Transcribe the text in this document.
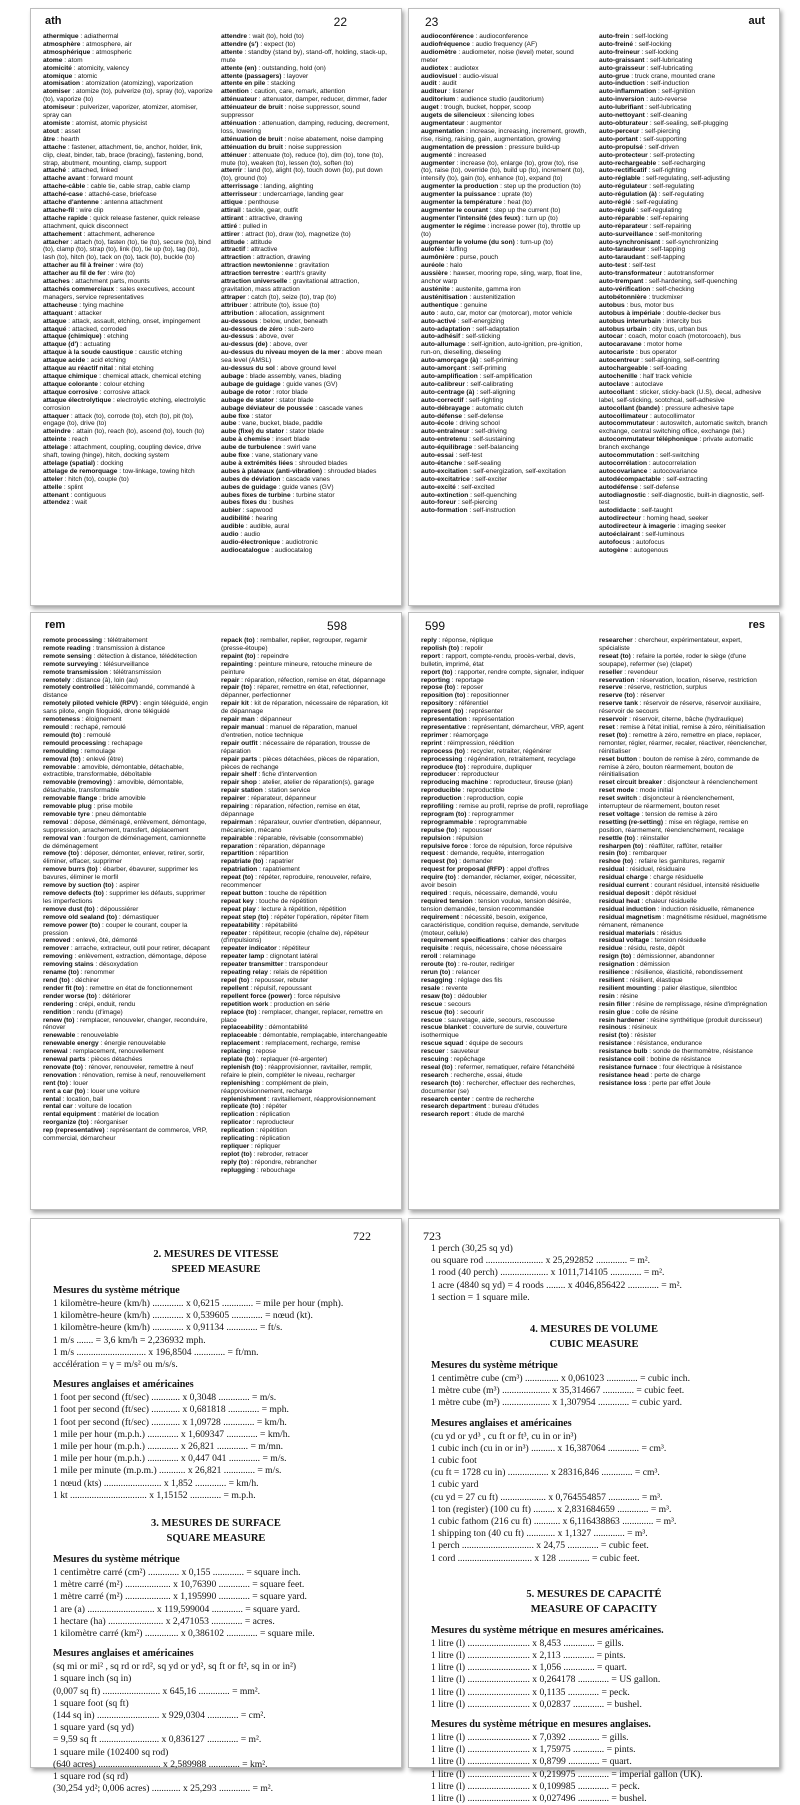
ath	22
athermique : adiathermal
atmosphère : atmosphere, air
atmosphérique : atmospheric
atome : atom
atomicité : atomicity, valency
atomique : atomic
atomisation : atomization (atomizing), vaporization
atomiser : atomize (to), pulverize (to), spray (to), vaporize (to), vaporize (to)
atomiseur : pulverizer, vaporizer, atomizer, atomiser, spray can
atomiste : atomist, atomic physicist
atout : asset
âtre : hearth
attache : fastener, attachment, tie, anchor, holder, link, clip, cleat, binder, tab, brace (bracing), fastening, bond, strap, abutment, mounting, clamp, support
attaché : attached, linked
attache avant : forward mount
attache-câble : cable tie, cable strap, cable clamp
attaché-case : attaché-case, briefcase
attache d'antenne : antenna attachment
attache-fil : wire clip
attache rapide : quick release fastener, quick release attachment, quick disconnect
attachement : attachment, adherence
attacher : attach (to), fasten (to), tie (to), secure (to), bind (to), clamp (to), strap (to), link (to), tie up (to), tag (to), lash (to), hitch (to), tack on (to), tack (to), buckle (to)
attacher au fil à freiner : wire (to)
attacher au fil de fer : wire (to)
attaches : attachment parts, mounts
attachés commerciaux : sales executives, account managers, service representatives
attacheuse : tying machine
attaquant : attacker
attaque : attack, assault, etching, onset, impingement
attaqué : attacked, corroded
attaque (chimique) : etching
attaque (d') : actuating
attaque à la soude caustique : caustic etching
attaque acide : acid etching
attaque au réactif nital : nital etching
attaque chimique : chemical attack, chemical etching
attaque colorante : colour etching
attaque corrosive : corrosive attack
attaque électrolytique : electrolytic etching, electrolytic corrosion
attaquer : attack (to), corrode (to), etch (to), pit (to), engage (to), drive (to)
atteindre : attain (to), reach (to), ascend (to), touch (to)
atteinte : reach
attelage : attachment, coupling, coupling device, drive shaft, towing (hinge), hitch, docking system
attelage (spatial) : docking
attelage de remorquage : tow-linkage, towing hitch
atteler : hitch (to), couple (to)
attelle : splint
attenant : contiguous
attendez : wait
attendre : wait (to), hold (to)
attendre (s') : expect (to)
attente : standby (stand by), stand-off, holding, stack-up, mute
attente (en) : outstanding, hold (on)
attente (passagers) : layover
attente en pile : stacking
attention : caution, care, remark, attention
atténuateur : attenuator, damper, reducer, dimmer, fader
atténuateur de bruit : noise suppressor, sound suppressor
atténuation : attenuation, damping, reducing, decrement, loss, lowering
atténuation de bruit : noise abatement, noise damping
atténuation du bruit : noise suppression
atténuer : attenuate (to), reduce (to), dim (to), tone (to), mute (to), weaken (to), lessen (to), soften (to)
atterrir : land (to), alight (to), touch down (to), put down (to), ground (to)
atterrissage : landing, alighting
atterrisseur : undercarriage, landing gear
attique : penthouse
attirail : tackle, gear, outfit
attirant : attractive, drawing
attiré : pulled in
attirer : attract (to), draw (to), magnetize (to)
attitude : attitude
attractif : attractive
attraction : attraction, drawing
attraction newtonienne : gravitation
attraction terrestre : earth's gravity
attraction universelle : gravitational attraction, gravitation, mass attraction
attraper : catch (to), seize (to), trap (to)
attribuer : attribute (to), issue (to)
attribution : allocation, assignment
au-dessous : below, under, beneath
au-dessous de zéro : sub-zero
au-dessus : above, over
au-dessus (de) : above, over
au-dessus du niveau moyen de la mer : above mean sea level (AMSL)
au-dessus du sol : above ground level
aubage : blade assembly, vanes, blading
aubage de guidage : guide vanes (GV)
aubage de rotor : rotor blade
aubage de stator : stator blade
aubage déviateur de poussée : cascade vanes
aube fixe : stator
aube : vane, bucket, blade, paddle
aube (fixe) du stator : stator blade
aube à chemise : insert blade
aube de turbulence : swirl vane
aube fixe : vane, stationary vane
aube à extrémités liées : shrouded blades
aubes à plateaux (anti-vibration) : shrouded blades
aubes de déviation : cascade vanes
aubes de guidage : guide vanes (GV)
aubes fixes de turbine : turbine stator
aubes fixes du : bushes
aubier : sapwood
audibilité : hearing
audible : audible, aural
audio : audio
audio-électronique : audiotronic
audiocatalogue : audiocatalog
23	aut
audioconférence : audioconference
audiofréquence : audio frequency (AF)
audiomètre : audiometer, noise (level) meter, sound meter
audiotex : audiotex
audiovisuel : audio-visual
audit : audit
auditeur : listener
auditorium : audience studio (auditorium)
auget : trough, bucket, hopper, scoop
augets de silencieux : silencing lobes
augmentateur : augmentor
augmentation : increase, increasing, increment, growth, rise, rising, raising, gain, augmentation, growing
augmentation de pression : pressure build-up
augmenté : increased
augmenter : increase (to), enlarge (to), grow (to), rise (to), raise (to), override (to), build up (to), increment (to), intensify (to), gain (to), enhance (to), expand (to)
augmenter la production : step up the production (to)
augmenter la puissance : uprate (to)
augmenter la température : heat (to)
augmenter le courant : step up the current (to)
augmenter l'intensité (des feux) : turn up (to)
augmenter le régime : increase power (to), throttle up (to)
augmenter le volume (du son) : turn-up (to)
aulofée : luffing
aumônière : purse, pouch
auréole : halo
aussière : hawser, mooring rope, sling, warp, float line, anchor warp
austénite : austenite, gamma iron
austénitisation : austenitization
authentique : genuine
auto : auto, car, motor car (motorcar), motor vehicle
auto-activé : self-energizing
auto-adaptation : self-adaptation
auto-adhésif : self-sticking
auto-allumage : self-ignition, auto-ignition, pre-ignition, run-on, dieselling, dieseling
auto-amorçage (à) : self-priming
auto-amorçant : self-priming
auto-amplification : self-amplification
auto-calibreur : self-calibrating
auto-centrage (à) : self-aligning
auto-correctif : self-righting
auto-débrayage : automatic clutch
auto-défense : self-defense
auto-école : driving school
auto-entraîneur : self-driving
auto-entretenu : self-sustaining
auto-équilibrage : self-balancing
auto-essai : self-test
auto-étanche : self-sealing
auto-excitation : self-energization, self-excitation
auto-excitatrice : self-exciter
auto-excité : self-excited
auto-extinction : self-quenching
auto-foreur : self-piercing
auto-formation : self-instruction
auto-frein : self-locking
auto-freiné : self-locking
auto-freineur : self-locking
auto-graissant : self-lubricating
auto-graisseur : self-lubricating
auto-grue : truck crane, mounted crane
auto-induction : self-induction
auto-inflammation : self-ignition
auto-inversion : auto-reverse
auto-lubrifiant : self-lubricating
auto-nettoyant : self-cleaning
auto-obturateur : self-sealing, self-plugging
auto-perceur : self-piercing
auto-portant : self-supporting
auto-propulsé : self-driven
auto-protecteur : self-protecting
auto-rechargeable : self-recharging
auto-rectificatif : self-righting
auto-réglable : self-regulating, self-adjusting
auto-régulateur : self-regulating
auto-régulation (à) : self-regulating
auto-réglé : self-regulating
auto-régulé : self-regulating
auto-réparable : self-repairing
auto-réparateur : self-repairing
auto-surveillance : self-monitoring
auto-synchronisant : self-synchronizing
auto-taraudeur : self-tapping
auto-taraudant : self-tapping
auto-test : self-test
auto-transformateur : autotransformer
auto-trempant : self-hardening, self-quenching
auto-vérification : self-checking
autobétonnière : truckmixer
autobus : bus, motor bus
autobus à impériale : double-decker bus
autobus interurbain : intercity bus
autobus urbain : city bus, urban bus
autocar : coach, motor coach (motorcoach), bus
autocaravane : motor home
autocariste : bus operator
autocentreur : self-aligning, self-centring
autochargeable : self-loading
autochenille : half track vehicle
autoclave : autoclave
autocollant : sticker, sticky-back (U.S), decal, adhesive label, self-sticking, scotchcal, self-adhesive
autocollant (bande) : pressure adhesive tape
autocollimateur : autocollimator
autocommutateur : autoswitch, automatic switch, branch exchange, central switching office, exchange (tel.)
autocommutateur téléphonique : private automatic branch exchange
autocommutation : self-switching
autocorrélation : autocorrelation
autocovariance : autocovariance
autodécompactable : self-extracting
autodéfense : self-defense
autodiagnostic : self-diagnostic, built-in diagnostic, self-test
autodidacte : self-taught
autodirecteur : homing head, seeker
autodirecteur à imagerie : imaging seeker
autoéclairant : self-luminous
autofocus : autofocus
autogène : autogenous
rem	598
remote processing : télétraitement
remote reading : transmission à distance
remote sensing : détection à distance, télédétection
remote surveying : télésurveillance
remote transmission : télétransmission
remotely : distance (à), loin (au)
remotely controlled : télécommandé, commandé à distance
remotely piloted vehicle (RPV) : engin téléguidé, engin sans pilote, engin filoguidé, drone téléguidé
remoteness : éloignement
remould : rechapé, remoulé
remould (to) : remoulé
remould processing : rechapage
remoulding : remoulage
removal (to) : enlevé (être)
removable : amovible, démontable, détachable, extractible, transformable, déboîtable
removable (removing) : amovible, démontable, détachable, transformable
removable flange : bride amovible
removable plug : prise mobile
removable tyre : pneu démontable
removal : dépose, déménagé, enlèvement, démontage, suppression, arrachement, transfert, déplacement
removal van : fourgon de déménagement, camionnette de déménagement
remove (to) : déposer, démonter, enlever, retirer, sortir, éliminer, effacer, supprimer
remove burrs (to) : ébarber, ébavurer, supprimer les bavures, éliminer le morfil
remove by suction (to) : aspirer
remove defects (to) : supprimer les défauts, supprimer les imperfections
remove dust (to) : dépoussiérer
remove old sealand (to) : démastiquer
remove power (to) : couper le courant, couper la pression
removed : enlevé, ôté, démonté
remover : arrache, extracteur, outil pour retirer, décapant
removing : enlèvement, extraction, démontage, dépose
removing stains : désoxydation
rename (to) : renommer
rend (to) : déchirer
render fit (to) : remettre en état de fonctionnement
render worse (to) : détériorer
rendering : crépi, enduit, rendu
rendition : rendu (d'image)
renew (to) : remplacer, renouveler, changer, reconduire, rénover
renewable : renouvelable
renewable energy : énergie renouvelable
renewal : remplacement, renouvellement
renewal parts : pièces détachées
renovate (to) : rénover, renouveler, remettre à neuf
renovation : rénovation, remise à neuf, renouvellement
rent (to) : louer
rent a car (to) : louer une voiture
rental : location, bail
rental car : voiture de location
rental equipment : matériel de location
reorganize (to) : réorganiser
rep (representative) : représentant de commerce, VRP, commercial, démarcheur
repack (to) : remballer, replier, regrouper, regarnir (presse-étoupe)
repaint (to) : repeindre
repainting : peinture mineure, retouche mineure de peinture
repair : réparation, réfection, remise en état, dépannage
repair (to) : réparer, remettre en état, refectionner, dépanner, perfectionner
repair kit : kit de réparation, nécessaire de réparation, kit de dépannage
repair man : dépanneur
repair manual : manuel de réparation, manuel d'entretien, notice technique
repair outfit : nécessaire de réparation, trousse de réparation
repair parts : pièces détachées, pièces de réparation, pièces de rechange
repair shelf : fiche d'intervention
repair shop : atelier, atelier de réparation(s), garage
repair station : station service
repairer : réparateur, dépanneur
repairing : réparation, réfection, remise en état, dépannage
repairman : réparateur, ouvrier d'entretien, dépanneur, mécanicien, mécano
repairable : réparable, révisable (consommable)
reparation : réparation, dépannage
repartition : répartition
repatriate (to) : rapatrier
repatriation : rapatriement
repeat (to) : répéter, reproduire, renouveler, refaire, recommencer
repeat button : touche de répétition
repeat key : touche de répétition
repeat play : lecture à répétition, répétition
repeat step (to) : répéter l'opération, répéter l'item
repeatability : répétabilité
repeater : répétiteur, recopie (chaîne de), répéteur (d'impulsions)
repeater indicator : répétiteur
repeater lamp : clignotant latéral
repeater transmitter : transpondeur
repeating relay : relais de répétition
repel (to) : repousser, rebuter
repellent : répulsif, repoussant
repellent force (power) : force répulsive
repetition work : production en série
replace (to) : remplacer, changer, replacer, remettre en place
replaceability : démontabilité
replaceable : démontable, remplaçable, interchangeable
replacement : remplacement, recharge, remise
replacing : repose
replate (to) : replaquer (ré-argenter)
replenish (to) : réapprovisionner, ravitailler, remplir, refaire le plein, compléter le niveau, recharger
replenishing : complément de plein, réapprovisionnement, recharge
replenishment : ravitaillement, réapprovisionnement
replicate (to) : répéter
replication : réplication
replicator : reproducteur
replication : répétition
replicating : réplication
repliquer : répliquer
replot (to) : rebroder, retracer
reply (to) : répondre, rebrancher
replugging : rebouchage
599	res
reply : réponse, réplique
repolish (to) : repolir
report : rapport, compte-rendu, procès-verbal, devis, bulletin, imprimé, état
report (to) : rapporter, rendre compte, signaler, indiquer
reporting : reportage
repose (to) : reposer
reposition (to) : repositionner
repository : référentiel
represent (to) : représenter
representation : représentation
representative : représentant, démarcheur, VRP, agent
reprimer : réamorçage
reprint : réimpression, réédition
reprocess (to) : recycler, retraiter, régénérer
reprocessing : régénération, retraitement, recyclage
reproduce (to) : reproduire, dupliquer
reproducer : reproducteur
reproducing machine : reproducteur, tireuse (plan)
reproducible : reproductible
reproduction : reproduction, copie
reprofiling : remise au profil, reprise de profil, reprofilage
reprogram (to) : reprogrammer
reprogrammable : reprogrammable
repulse (to) : repousser
repulsion : répulsion
repulsive force : force de répulsion, force répulsive
request : demande, requête, interrogation
request (to) : demander
request for proposal (RFP) : appel d'offres
require (to) : demander, réclamer, exiger, nécessiter, avoir besoin
required : requis, nécessaire, demandé, voulu
required tension : tension voulue, tension désirée, tension demandée, tension recommandée
requirement : nécessité, besoin, exigence, caractéristique, condition requise, demande, servitude (moteur, cellule)
requirement specifications : cahier des charges
requisite : requis, nécessaire, chose nécessaire
reroll : relaminage
reroute (to) : re-router, rediriger
rerun (to) : relancer
resagging : réglage des fils
resale : revente
resaw (to) : dédoubler
rescue : secours
rescue (to) : secourir
rescue : sauvetage, aide, secours, rescousse
rescue blanket : couverture de survie, couverture isothermique
rescue squad : équipe de secours
rescuer : sauveteur
rescuing : repêchage
reseal (to) : refermer, rematiquer, refaire l'étanchéité
research : recherche, essai, étude
research (to) : rechercher, effectuer des recherches, documenter (se)
research center : centre de recherche
research department : bureau d'études
research report : étude de marché
researcher : chercheur, expérimentateur, expert, spécialiste
reseat (to) : refaire la portée, roder le siège (d'une soupape), refermer (se) (clapet)
reseller : revendeur
reservation : réservation, location, réserve, restriction
reserve : réserve, restriction, surplus
reserve (to) : réserver
reserve tank : réservoir de réserve, réservoir auxiliaire, réservoir de secours
reservoir : réservoir, citerne, bâche (hydraulique)
reset : remise à l'état initial, remise à zéro, réinitialisation
reset (to) : remettre à zéro, remettre en place, replacer, remonter, régler, réarmer, recaler, réactiver, réenclencher, réinitialiser
reset button : bouton de remise à zéro, commande de remise à zéro, bouton réarmement, bouton de réinitialisation
reset circuit breaker : disjoncteur à réenclenchement
reset mode : mode initial
reset switch : disjoncteur à réenclenchement, interrupteur de réarmement, bouton reset
reset voltage : tension de remise à zéro
resetting (re-setting) : mise en réglage, remise en position, réarmement, réenclenchement, recalage
resettle (to) : réinstaller
resharpen (to) : réaffûter, raffûter, retailler
resin (to) : rembarquer
reshoe (to) : refaire les garnitures, regarnir
residual : résiduel, résiduaire
residual charge : charge résiduelle
residual current : courant résiduel, intensité résiduelle
residual deposit : dépôt résiduel
residual heat : chaleur résiduelle
residual induction : induction résiduelle, rémanence
residual magnetism : magnétisme résiduel, magnétisme rémanent, rémanence
residual materials : résidus
residual voltage : tension résiduelle
residue : résidu, reste, dépôt
resign (to) : démissionner, abandonner
resignation : démission
resilience : résilience, élasticité, rebondissement
resilient : résilient, élastique
resilient mounting : palier élastique, silentbloc
resin : résine
resin filler : résine de remplissage, résine d'imprégnation
resin glue : colle de résine
resin hardener : résine synthétique (produit durcisseur)
resinous : résineux
resist (to) : résister
resistance : résistance, endurance
resistance bulb : sonde de thermomètre, résistance
resistance coil : bobine de résistance
resistance furnace : four électrique à résistance
resistance head : perte de charge
resistance loss : perte par effet Joule
722
2. MESURES DE VITESSE
SPEED MEASURE
Mesures du système métrique
1 kilomètre-heure (km/h) ............. x 0,6215 ............. = mile per hour (mph).
1 kilomètre-heure (km/h) ............. x 0,539605 ............. = nœud (kt).
1 kilomètre-heure (km/h) ............. x 0,91134 ............. = ft/s.
1 m/s ....... = 3,6 km/h = 2,236932 mph.
1 m/s ............................. x 196,8504 ............. = ft/mn.
accélération = γ = m/s² ou m/s/s.
Mesures anglaises et américaines
1 foot per second (ft/sec) ............ x 0,3048 ............. = m/s.
1 foot per second (ft/sec) ............ x 0,681818 ............. = mph.
1 foot per second (ft/sec) ............ x 1,09728 ............. = km/h.
1 mile per hour (m.p.h.) ............. x 1,609347 ............. = km/h.
1 mile per hour (m.p.h.) ............. x 26,821 ............. = m/mn.
1 mile per hour (m.p.h.) ............. x 0,447 041 ............. = m/s.
1 mile per minute (m.p.m.) ........... x 26,821 ............. = m/s.
1 nœud (kts) ........................ x 1,852 ............. = km/h.
1 kt ................................ x 1,15152 ............. = m.p.h.
3. MESURES DE SURFACE
SQUARE MEASURE
Mesures du système métrique
1 centimètre carré (cm²) ............. x 0,155 ............. = square inch.
1 mètre carré (m²) ................... x 10,76390 ............. = square feet.
1 mètre carré (m²) ................... x 1,195990 ............. = square yard.
1 are (a) ............................ x 119,599004 ............. = square yard.
1 hectare (ha) ....................... x 2,471053 ............. = acres.
1 kilomètre carré (km²) .............. x 0,386102 ............. = square mile.
Mesures anglaises et américaines
(sq mi or mi² , sq rd or rd², sq yd or yd², sq ft or ft², sq in or in²)
1 square inch (sq in)
(0,007 sq ft) ........................ x 645,16 ............. = mm².
1 square foot (sq ft)
(144 sq in) .......................... x 929,0304 ............. = cm².
1 square yard (sq yd)
= 9,59 sq ft ......................... x 0,836127 ............. = m².
1 square mile (102400 sq rod)
(640 acres) .......................... x 2,589988 ............. = km².
1 square rod (sq rd)
(30,254 yd²; 0,006 acres) ............ x 25,293 ............. = m².
723
1 perch (30,25 sq yd)
ou square rod ........................ x 25,292852 ............. = m².
1 rood (40 perch) .................... x 1011,714105 ............. = m².
1 acre (4840 sq yd) = 4 roods ........ x 4046,856422 ............. = m².
1 section = 1 square mile.
4. MESURES DE VOLUME
CUBIC MEASURE
Mesures du système métrique
1 centimètre cube (cm³) .............. x 0,061023 ............. = cubic inch.
1 mètre cube (m³) .................... x 35,314667 ............. = cubic feet.
1 mètre cube (m³) .................... x 1,307954 ............. = cubic yard.
Mesures anglaises et américaines
(cu yd or yd³ , cu ft or ft³, cu in or in³)
1 cubic inch (cu in or in³) .......... x 16,387064 ............. = cm³.
1 cubic foot
(cu ft = 1728 cu in) ................. x 28316,846 ............. = cm³.
1 cubic yard
(cu yd = 27 cu ft) ................... x 0,764554857 ............. = m³.
1 ton (register) (100 cu ft) ......... x 2,831684659 ............. = m³.
1 cubic fathom (216 cu ft) ........... x 6,116438863 ............. = m³.
1 shipping ton (40 cu ft) ............ x 1,1327 ............. = m³.
1 perch .............................. x 24,75 ............. = cubic feet.
1 cord ............................... x 128 ............. = cubic feet.
5. MESURES DE CAPACITÉ
MEASURE OF CAPACITY
Mesures du système métrique en mesures américaines.
1 litre (l) .......................... x 8,453 ............. = gills.
1 litre (l) .......................... x 2,113 ............. = pints.
1 litre (l) .......................... x 1,056 ............. = quart.
1 litre (l) .......................... x 0,264178 ............. = US gallon.
1 litre (l) .......................... x 0,1135 ............. = peck.
1 litre (l) .......................... x 0,02837 ............. = bushel.
Mesures du système métrique en mesures anglaises.
1 litre (l) .......................... x 7,0392 ............. = gills.
1 litre (l) .......................... x 1,75975 ............. = pints.
1 litre (l) .......................... x 0,8799 ............. = quart.
1 litre (l) .......................... x 0,219975 ............. = imperial gallon (UK).
1 litre (l) .......................... x 0,109985 ............. = peck.
1 litre (l) .......................... x 0,027496 ............. = bushel.
